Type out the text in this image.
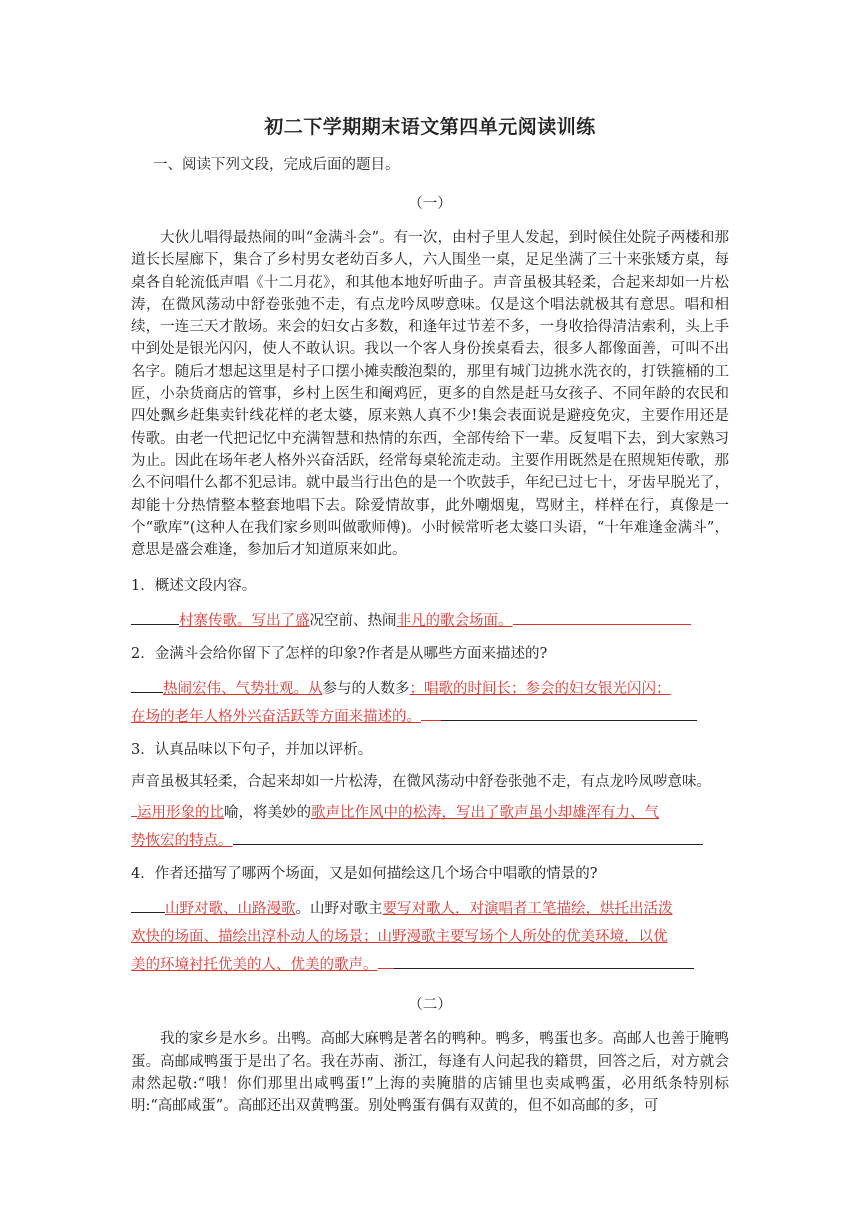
初二下学期期末语文第四单元阅读训练
一、阅读下列文段，完成后面的题目。
（一）

大伙儿唱得最热闹的叫“金满斗会”。有一次，由村子里人发起，到时候住处院子两楼和那道长长屋廊下，集合了乡村男女老幼百多人，六人围坐一桌，足足坐满了三十来张矮方桌，每桌各自轮流低声唱《十二月花》，和其他本地好听曲子。声音虽极其轻柔，合起来却如一片松涛，在微风荡动中舒卷张弛不走，有点龙吟凤哕意味。仅是这个唱法就极其有意思。唱和相续，一连三天才散场。来会的妇女占多数，和逢年过节差不多，一身收拾得清洁索利，头上手中到处是银光闪闪，使人不敢认识。我以一个客人身份挨桌看去，很多人都像面善，可叫不出名字。随后才想起这里是村子口摆小摊卖酸泡梨的，那里有城门边挑水洗衣的，打铁箍桶的工匠，小杂货商店的管事，乡村上医生和阉鸡匠，更多的自然是赶马女孩子、不同年龄的农民和四处飘乡赶集卖针线花样的老太婆，原来熟人真不少!集会表面说是避疫免灾，主要作用还是传歌。由老一代把记忆中充满智慧和热情的东西，全部传给下一辈。反复唱下去，到大家熟习为止。因此在场年老人格外兴奋活跃，经常每桌轮流走动。主要作用既然是在照规矩传歌，那么不问唱什么都不犯忌讳。就中最当行出色的是一个吹鼓手，年纪已过七十，牙齿早脱光了，却能十分热情整本整套地唱下去。除爱情故事，此外嘲烟鬼，骂财主，样样在行，真像是一个“歌库”(这种人在我们家乡则叫做歌师傅)。小时候常听老太婆口头语，“十年难逢金满斗”，意思是盛会难逢，参加后才知道原来如此。

1．概述文段内容。
村寨传歌。写出了盛况空前、热闹非凡的歌会场面。
2．金满斗会给你留下了怎样的印象?作者是从哪些方面来描述的?
热闹宏伟、气势壮观。从参与的人数多；唱歌的时间长；参会的妇女银光闪闪；
在场的老年人格外兴奋活跃等方面来描述的。
3．认真品味以下句子，并加以评析。
声音虽极其轻柔，合起来却如一片松涛，在微风荡动中舒卷张弛不走，有点龙吟凤哕意味。
运用形象的比喻，将美妙的歌声比作风中的松涛，写出了歌声虽小却雄浑有力、气
势恢宏的特点。
4．作者还描写了哪两个场面，又是如何描绘这几个场合中唱歌的情景的?
山野对歌、山路漫歌。山野对歌主要写对歌人，对演唱者工笔描绘，烘托出活泼
欢快的场面、描绘出淳朴动人的场景；山野漫歌主要写场个人所处的优美环境，以优
美的环境衬托优美的人、优美的歌声。
（二）

我的家乡是水乡。出鸭。高邮大麻鸭是著名的鸭种。鸭多，鸭蛋也多。高邮人也善于腌鸭蛋。高邮咸鸭蛋于是出了名。我在苏南、浙江，每逢有人问起我的籍贯，回答之后，对方就会肃然起敬:“哦！你们那里出咸鸭蛋!”上海的卖腌腊的店铺里也卖咸鸭蛋，必用纸条特别标明:“高邮咸蛋”。高邮还出双黄鸭蛋。别处鸭蛋有偶有双黄的，但不如高邮的多，可
